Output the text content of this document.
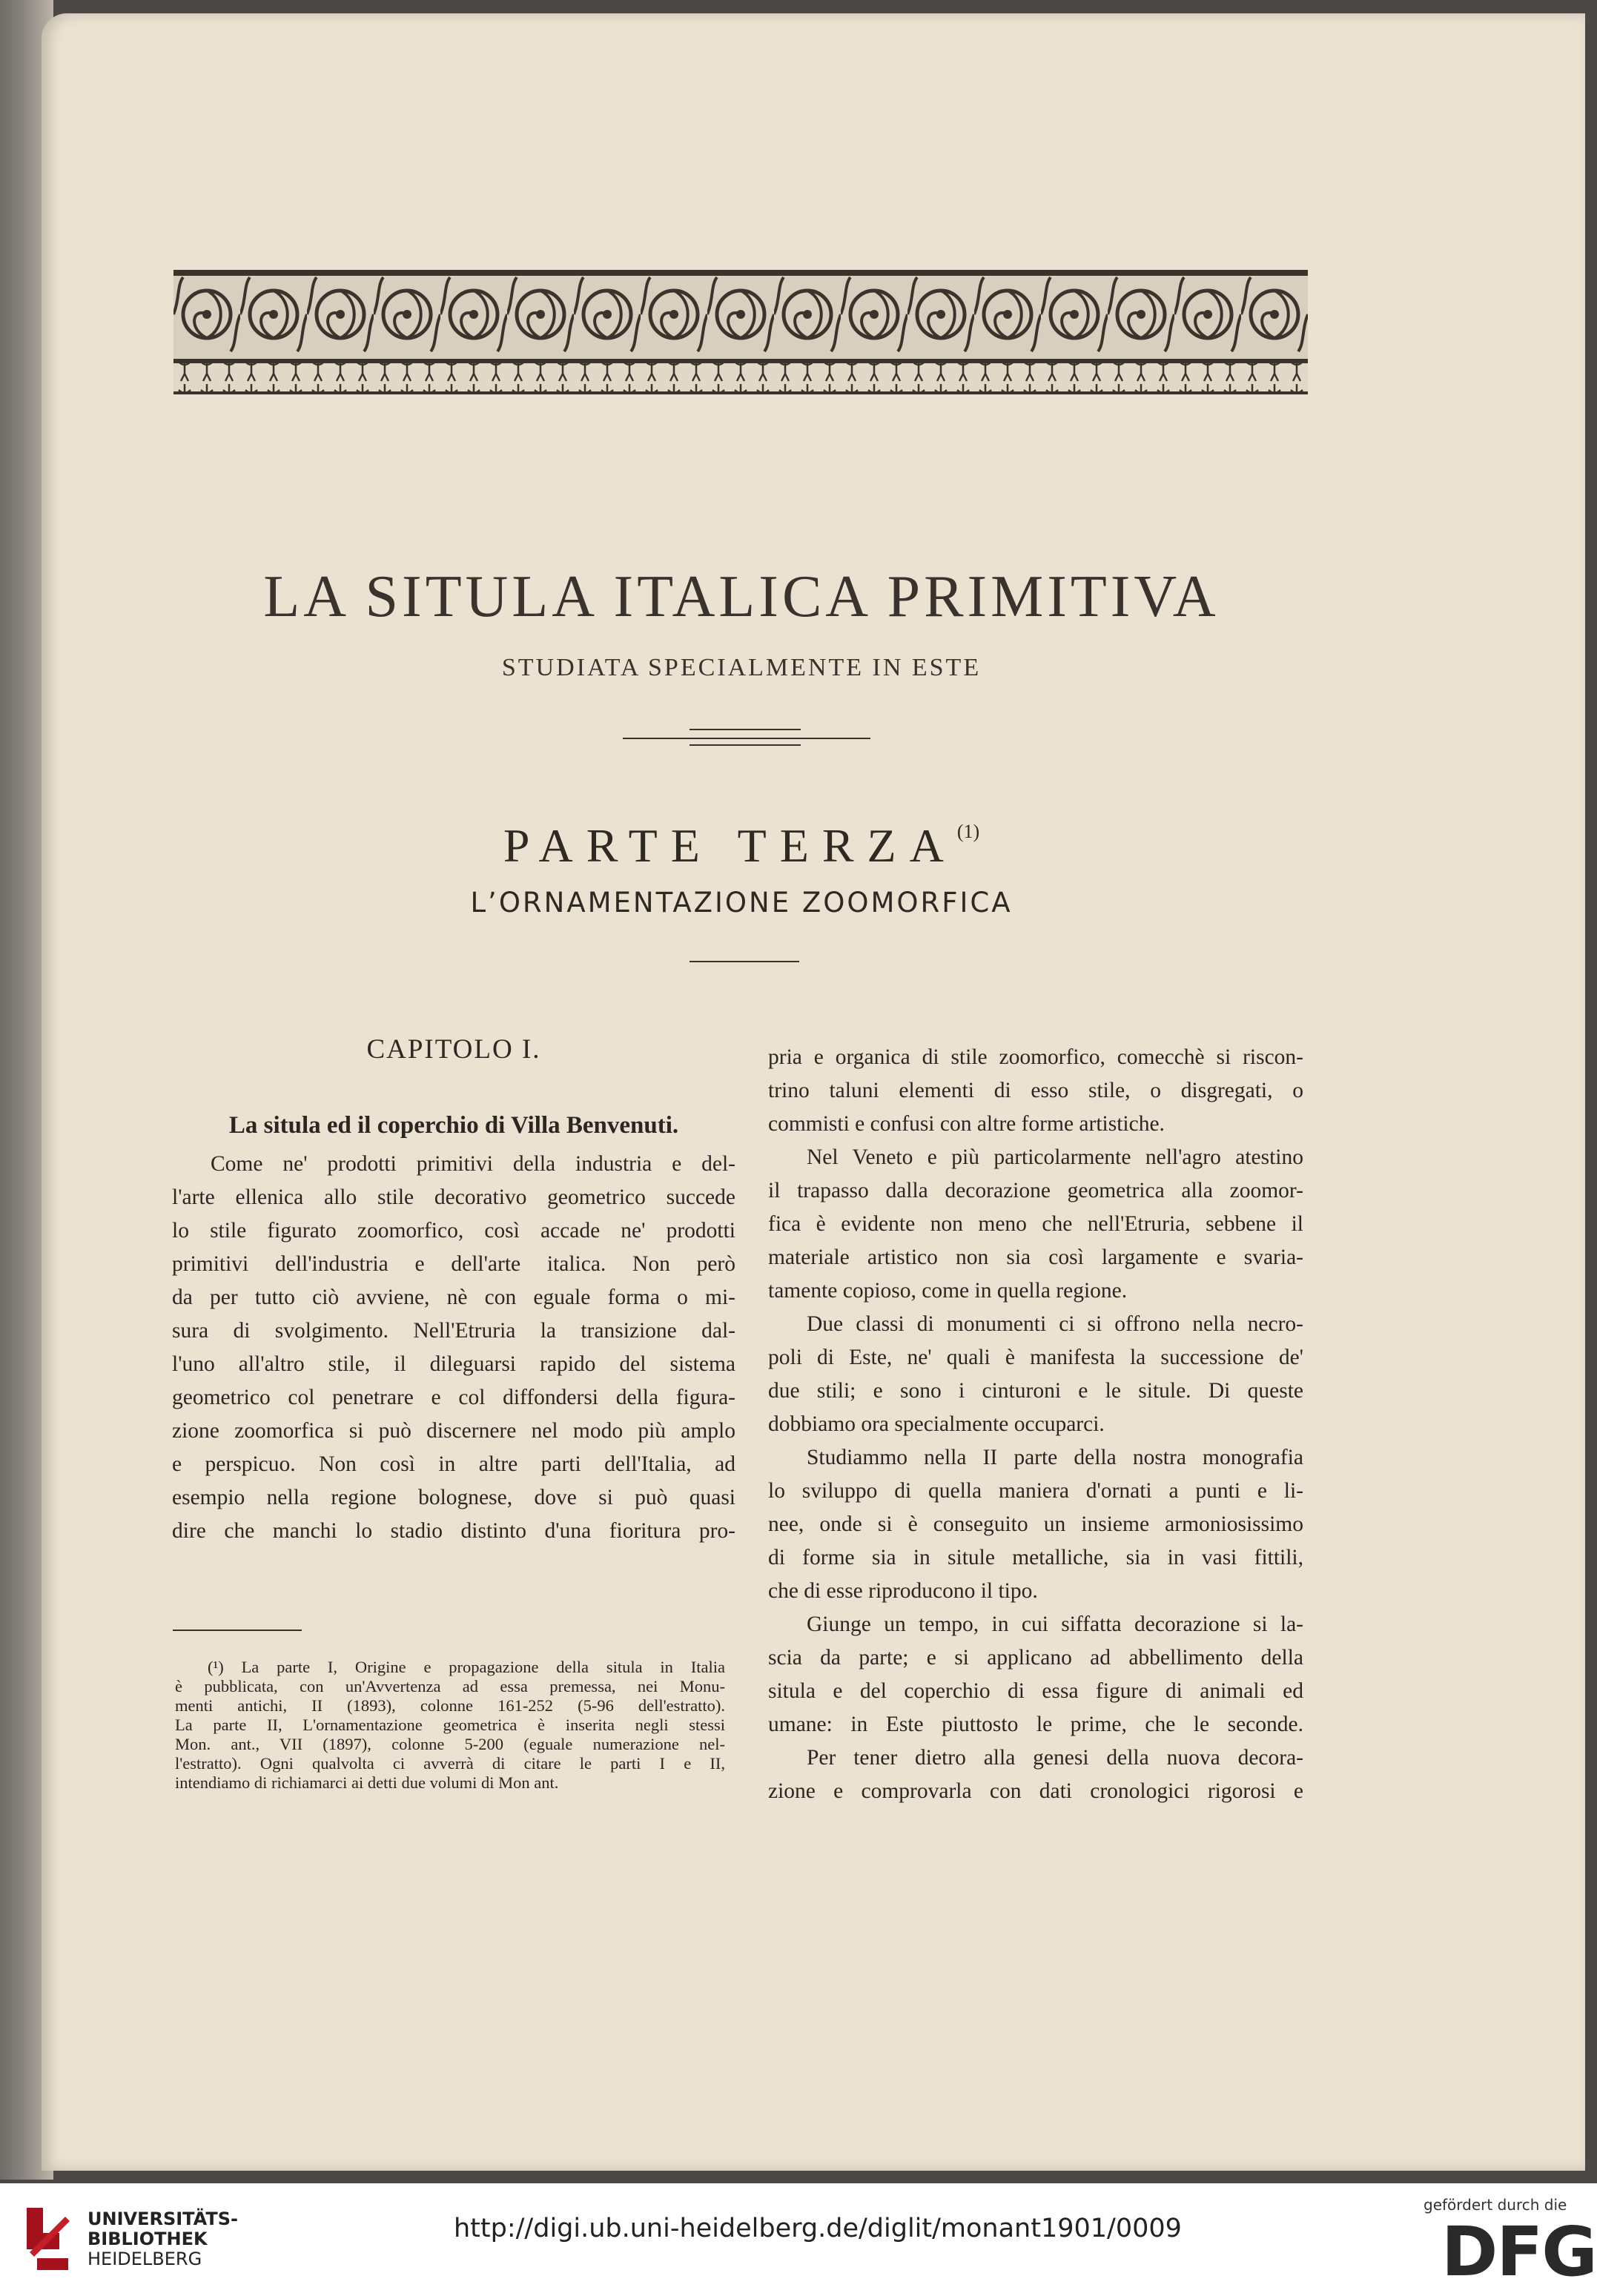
LA SITULA ITALICA PRIMITIVA
STUDIATA SPECIALMENTE IN ESTE
PARTE TERZA$^{(1)}$
L’ORNAMENTAZIONE ZOOMORFICA
CAPITOLO I.
La situla ed il coperchio di Villa Benvenuti.
Come ne' prodotti primitivi della industria e del-
l'arte ellenica allo stile decorativo geometrico succede
lo stile figurato zoomorfico, così accade ne' prodotti
primitivi dell'industria e dell'arte italica. Non però
da per tutto ciò avviene, nè con eguale forma o mi-
sura di svolgimento. Nell'Etruria la transizione dal-
l'uno all'altro stile, il dileguarsi rapido del sistema
geometrico col penetrare e col diffondersi della figura-
zione zoomorfica si può discernere nel modo più amplo
e perspicuo. Non così in altre parti dell'Italia, ad
esempio nella regione bolognese, dove si può quasi
dire che manchi lo stadio distinto d'una fioritura pro-
(¹) La parte I, Origine e propagazione della situla in Italia
è pubblicata, con un'Avvertenza ad essa premessa, nei Monu-
menti antichi, II (1893), colonne 161-252 (5-96 dell'estratto).
La parte II, L'ornamentazione geometrica è inserita negli stessi
Mon. ant., VII (1897), colonne 5-200 (eguale numerazione nel-
l'estratto). Ogni qualvolta ci avverrà di citare le parti I e II,
intendiamo di richiamarci ai detti due volumi di Mon ant.
pria e organica di stile zoomorfico, comecchè si riscon-
trino taluni elementi di esso stile, o disgregati, o
commisti e confusi con altre forme artistiche.
Nel Veneto e più particolarmente nell'agro atestino
il trapasso dalla decorazione geometrica alla zoomor-
fica è evidente non meno che nell'Etruria, sebbene il
materiale artistico non sia così largamente e svaria-
tamente copioso, come in quella regione.
Due classi di monumenti ci si offrono nella necro-
poli di Este, ne' quali è manifesta la successione de'
due stili; e sono i cinturoni e le situle. Di queste
dobbiamo ora specialmente occuparci.
Studiammo nella II parte della nostra monografia
lo sviluppo di quella maniera d'ornati a punti e li-
nee, onde si è conseguito un insieme armoniosissimo
di forme sia in situle metalliche, sia in vasi fittili,
che di esse riproducono il tipo.
Giunge un tempo, in cui siffatta decorazione si la-
scia da parte; e si applicano ad abbellimento della
situla e del coperchio di essa figure di animali ed
umane: in Este piuttosto le prime, che le seconde.
Per tener dietro alla genesi della nuova decora-
zione e comprovarla con dati cronologici rigorosi e
UNIVERSITÄTS-
BIBLIOTHEK
HEIDELBERG
http://digi.ub.uni-heidelberg.de/diglit/monant1901/0009
gefördert durch die
DFG
